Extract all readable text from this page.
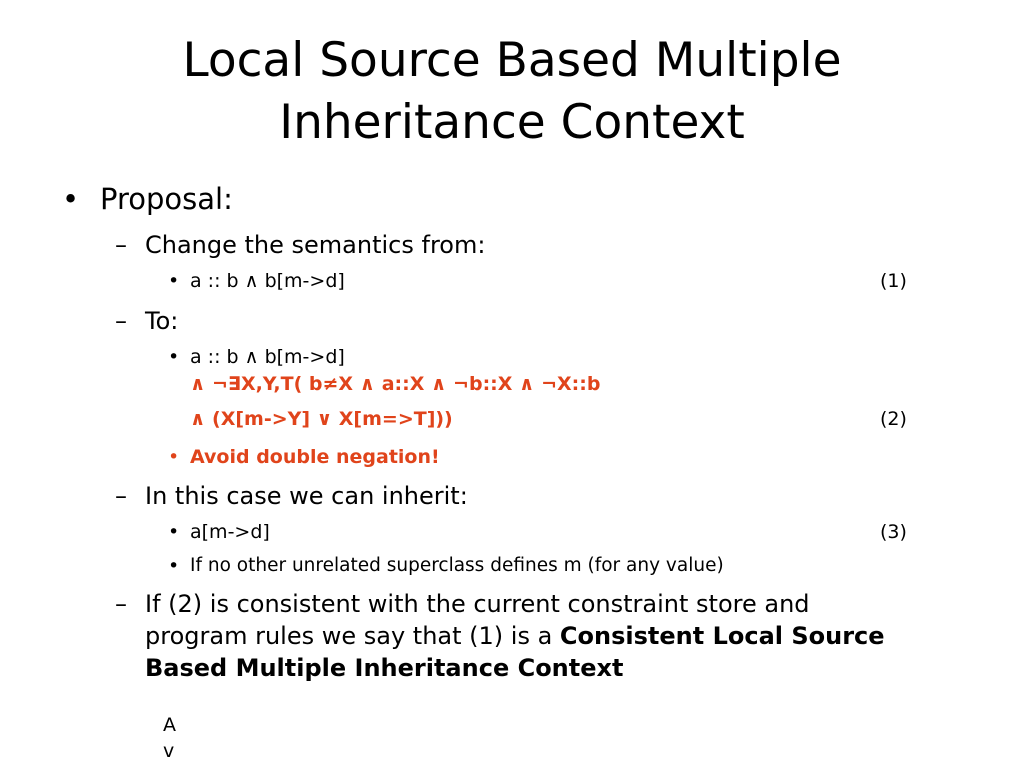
Local Source Based Multiple
Inheritance Context
• Proposal:
– Change the semantics from:
• a :: b ∧ b[m->d]	(1)
– To:
• a :: b ∧ b[m->d]
∧ ¬∃X,Y,T( b≠X ∧ a::X ∧ ¬b::X ∧ ¬X::b
∧ (X[m->Y] ∨ X[m=>T]))	(2)
• Avoid double negation!
– In this case we can inherit:
• a[m->d]	(3)
• If no other unrelated superclass defines m (for any value)
– If (2) is consistent with the current constraint store and
program rules we say that (1) is a Consistent Local Source
Based Multiple Inheritance Context
A
v
